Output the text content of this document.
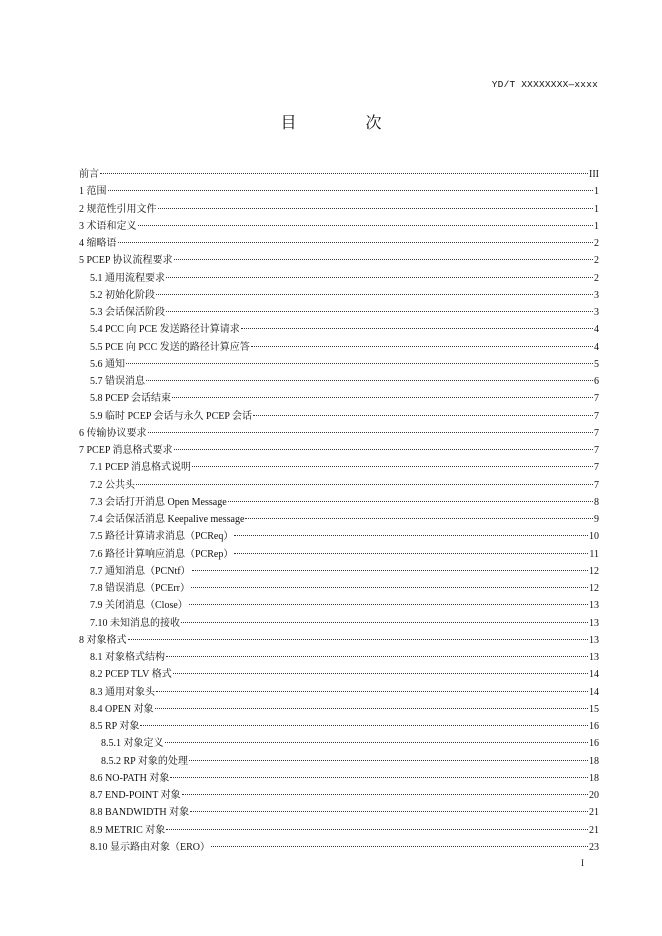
YD/T XXXXXXXX—xxxx
目 次
前言	III
1 范围	1
2 规范性引用文件	1
3 术语和定义	1
4 缩略语	2
5 PCEP 协议流程要求	2
5.1 通用流程要求	2
5.2 初始化阶段	3
5.3 会话保活阶段	3
5.4 PCC 向 PCE 发送路径计算请求	4
5.5 PCE 向 PCC 发送的路径计算应答	4
5.6 通知	5
5.7 错误消息	6
5.8 PCEP 会话结束	7
5.9 临时 PCEP 会话与永久 PCEP 会话	7
6 传输协议要求	7
7 PCEP 消息格式要求	7
7.1 PCEP 消息格式说明	7
7.2 公共头	7
7.3 会话打开消息 Open Message	8
7.4 会话保活消息 Keepalive message	9
7.5 路径计算请求消息（PCReq）	10
7.6 路径计算响应消息（PCRep）	11
7.7 通知消息（PCNtf）	12
7.8 错误消息（PCErr）	12
7.9 关闭消息（Close）	13
7.10 未知消息的接收	13
8 对象格式	13
8.1 对象格式结构	13
8.2 PCEP TLV 格式	14
8.3 通用对象头	14
8.4 OPEN 对象	15
8.5 RP 对象	16
8.5.1 对象定义	16
8.5.2 RP 对象的处理	18
8.6 NO-PATH 对象	18
8.7 END-POINT 对象	20
8.8 BANDWIDTH 对象	21
8.9 METRIC 对象	21
8.10 显示路由对象（ERO）	23
I
